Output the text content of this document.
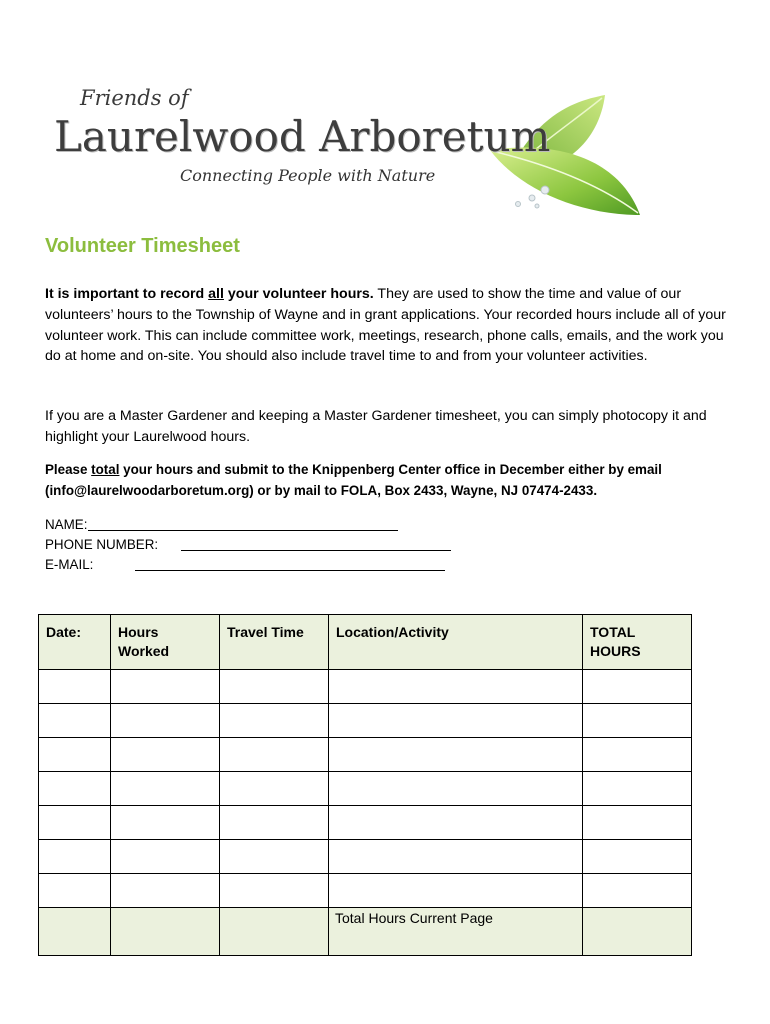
Friends of
Laurelwood Arboretum
Connecting People with Nature
Volunteer Timesheet
It is important to record all your volunteer hours. They are used to show the time and value of our volunteers’ hours to the Township of Wayne and in grant applications. Your recorded hours include all of your volunteer work. This can include committee work, meetings, research, phone calls, emails, and the work you do at home and on-site. You should also include travel time to and from your volunteer activities.
If you are a Master Gardener and keeping a Master Gardener timesheet, you can simply photocopy it and highlight your Laurelwood hours.
Please total your hours and submit to the Knippenberg Center office in December either by email (info@laurelwoodarboretum.org) or by mail to FOLA, Box 2433, Wayne, NJ 07474-2433.
NAME:
PHONE NUMBER:
E-MAIL:
Date:	Hours Worked	Travel Time	Location/Activity	TOTAL HOURS

			Total Hours Current Page	
